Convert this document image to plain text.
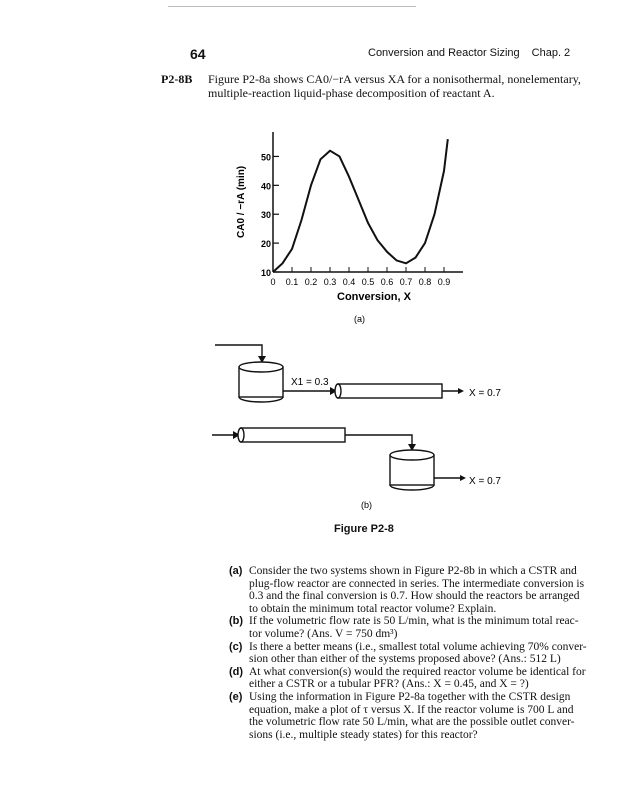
64	Conversion and Reactor Sizing Chap. 2
P2-8B Figure P2-8a shows CA0/−rA versus XA for a nonisothermal, nonelementary,
multiple-reaction liquid-phase decomposition of reactant A.
10
20
30
40
50
0 0.1 0.2 0.3 0.4 0.5 0.6 0.7 0.8 0.9
Conversion, X
CA0 / −rA (min)
(a)
X1 = 0.3
X = 0.7
X = 0.7
(b)
Figure P2-8
(a) Consider the two systems shown in Figure P2-8b in which a CSTR and
plug-flow reactor are connected in series. The intermediate conversion is
0.3 and the final conversion is 0.7. How should the reactors be arranged
to obtain the minimum total reactor volume? Explain.
(b) If the volumetric flow rate is 50 L/min, what is the minimum total reac-
tor volume? (Ans. V = 750 dm³)
(c) Is there a better means (i.e., smallest total volume achieving 70% conver-
sion other than either of the systems proposed above? (Ans.: 512 L)
(d) At what conversion(s) would the required reactor volume be identical for
either a CSTR or a tubular PFR? (Ans.: X = 0.45, and X = ?)
(e) Using the information in Figure P2-8a together with the CSTR design
equation, make a plot of τ versus X. If the reactor volume is 700 L and
the volumetric flow rate 50 L/min, what are the possible outlet conver-
sions (i.e., multiple steady states) for this reactor?
